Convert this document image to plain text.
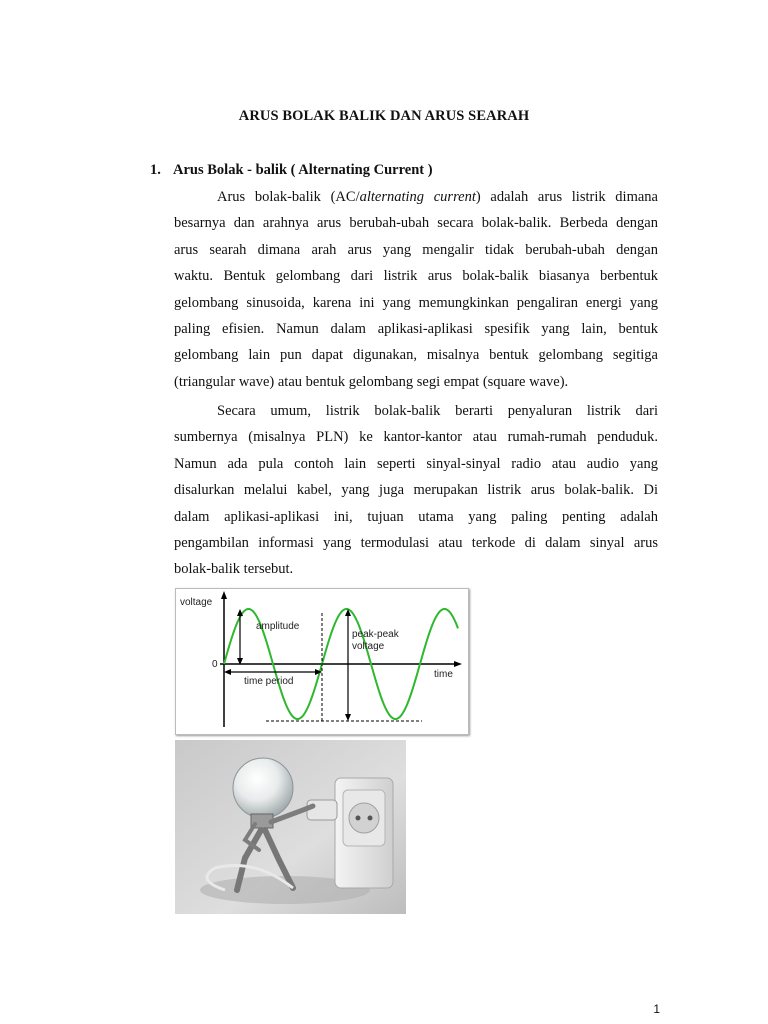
ARUS BOLAK BALIK DAN ARUS SEARAH
1. Arus Bolak - balik ( Alternating Current )
Arus bolak-balik (AC/alternating current) adalah arus listrik dimana
besarnya dan arahnya arus berubah-ubah secara bolak-balik. Berbeda dengan
arus searah dimana arah arus yang mengalir tidak berubah-ubah dengan
waktu. Bentuk gelombang dari listrik arus bolak-balik biasanya berbentuk
gelombang sinusoida, karena ini yang memungkinkan pengaliran energi yang
paling efisien. Namun dalam aplikasi-aplikasi spesifik yang lain, bentuk
gelombang lain pun dapat digunakan, misalnya bentuk gelombang segitiga
(triangular wave) atau bentuk gelombang segi empat (square wave).
Secara umum, listrik bolak-balik berarti penyaluran listrik dari
sumbernya (misalnya PLN) ke kantor-kantor atau rumah-rumah penduduk.
Namun ada pula contoh lain seperti sinyal-sinyal radio atau audio yang
disalurkan melalui kabel, yang juga merupakan listrik arus bolak-balik. Di
dalam aplikasi-aplikasi ini, tujuan utama yang paling penting adalah
pengambilan informasi yang termodulasi atau terkode di dalam sinyal arus
bolak-balik tersebut.
voltage
0
amplitude
peak-peak
voltage
time period
time
1
